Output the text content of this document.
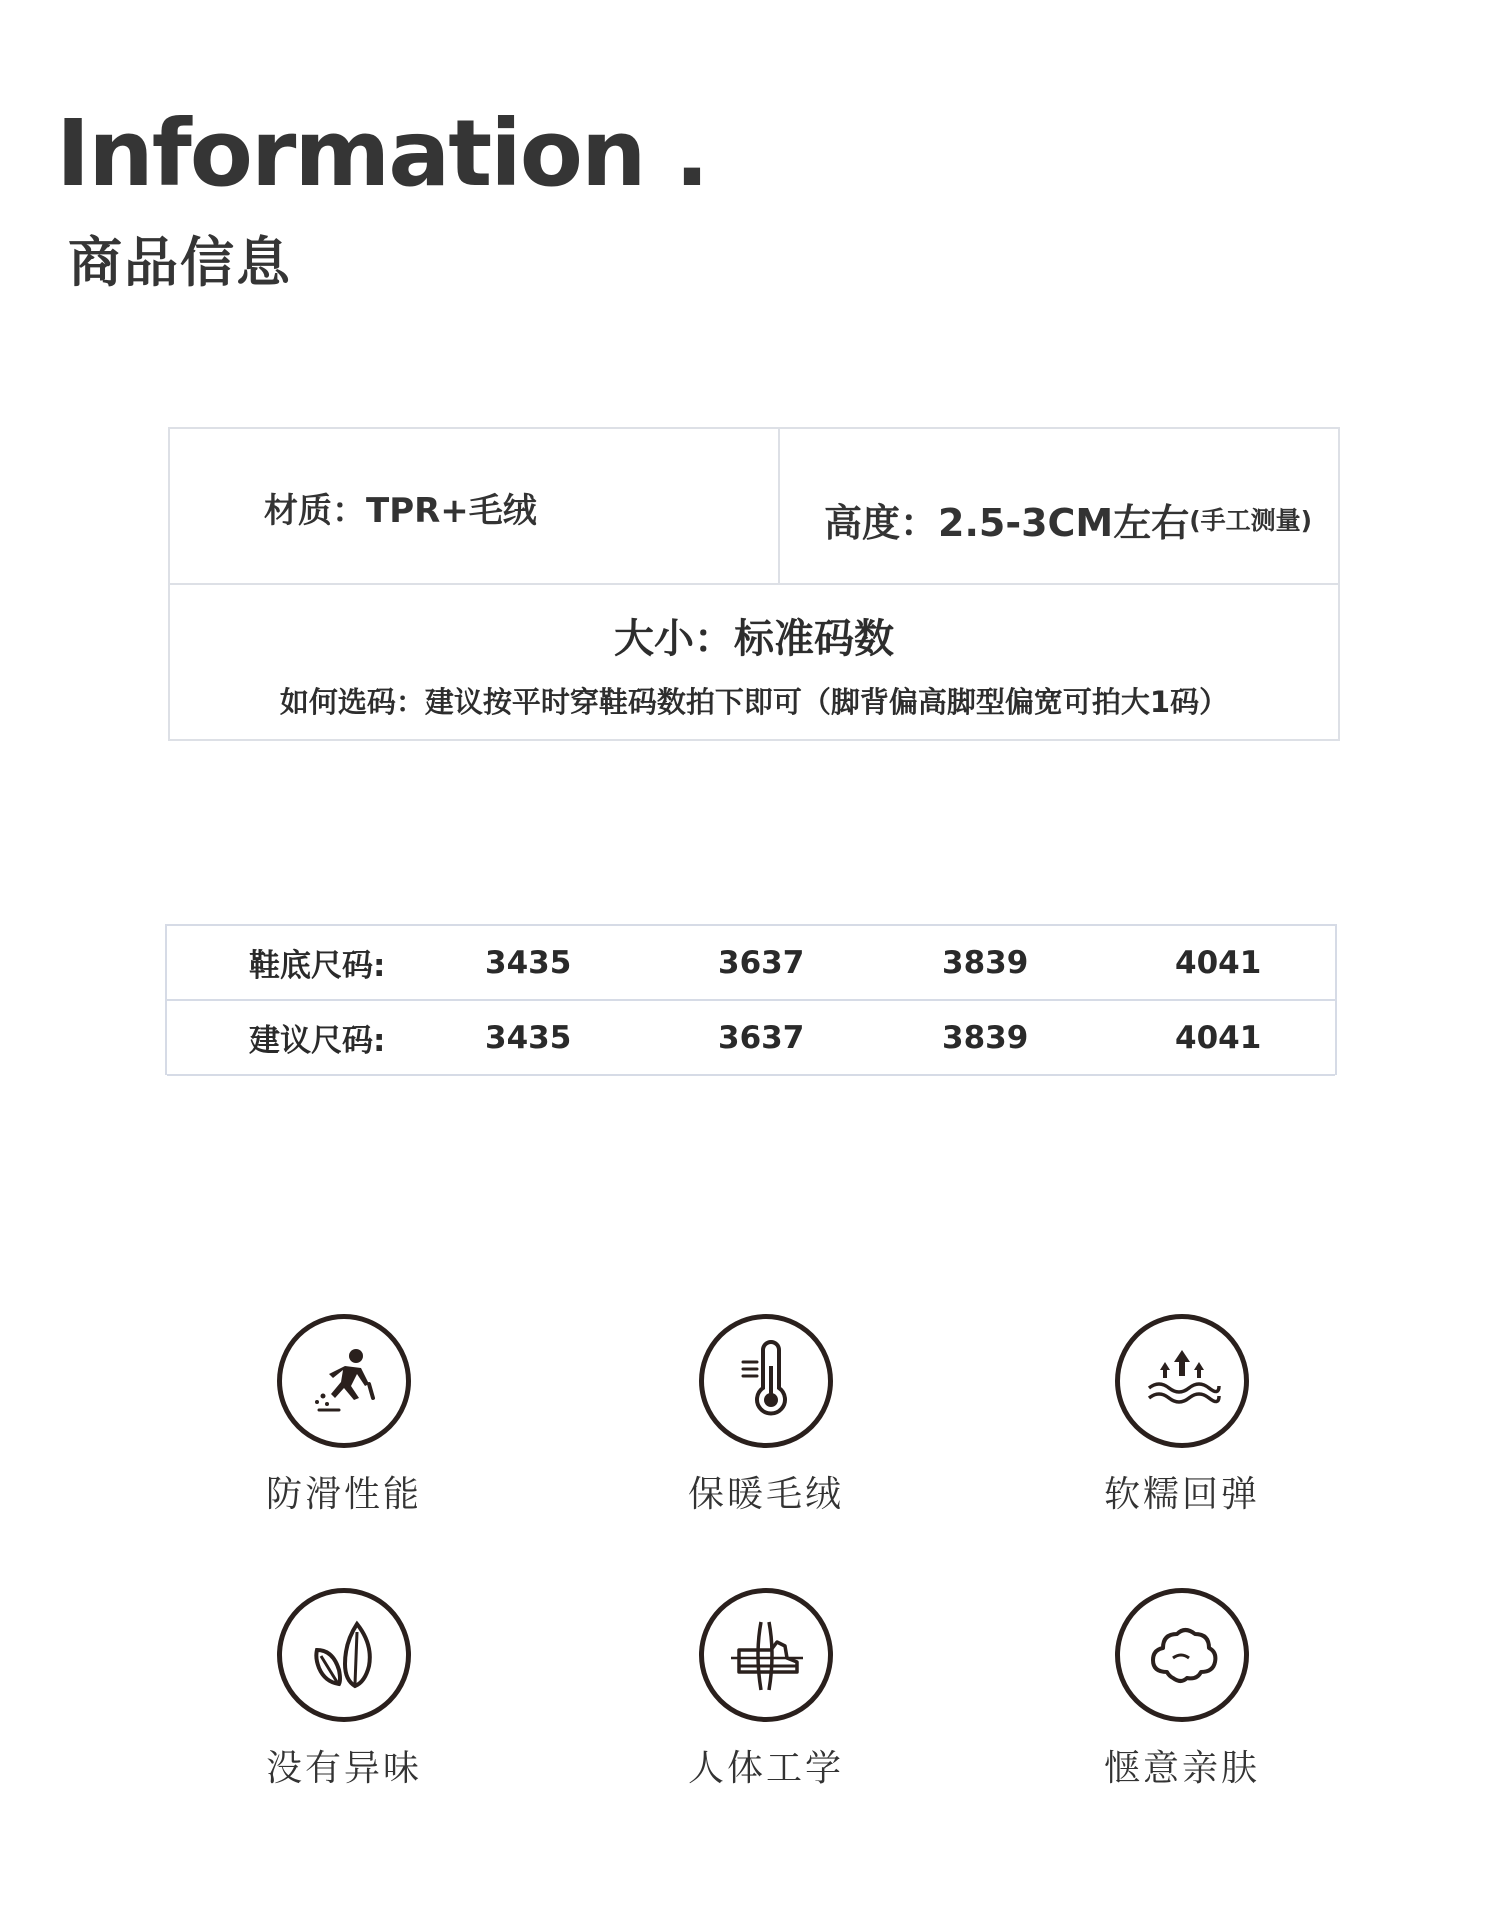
Information .
商品信息
材质：TPR+毛绒	高度：2.5-3CM左右 (手工测量)
大小：标准码数
如何选码：建议按平时穿鞋码数拍下即可（脚背偏高脚型偏宽可拍大1码）
鞋底尺码:	3435	3637	3839	4041
建议尺码:	3435	3637	3839	4041
防滑性能	保暖毛绒	软糯回弹
没有异味	人体工学	惬意亲肤
